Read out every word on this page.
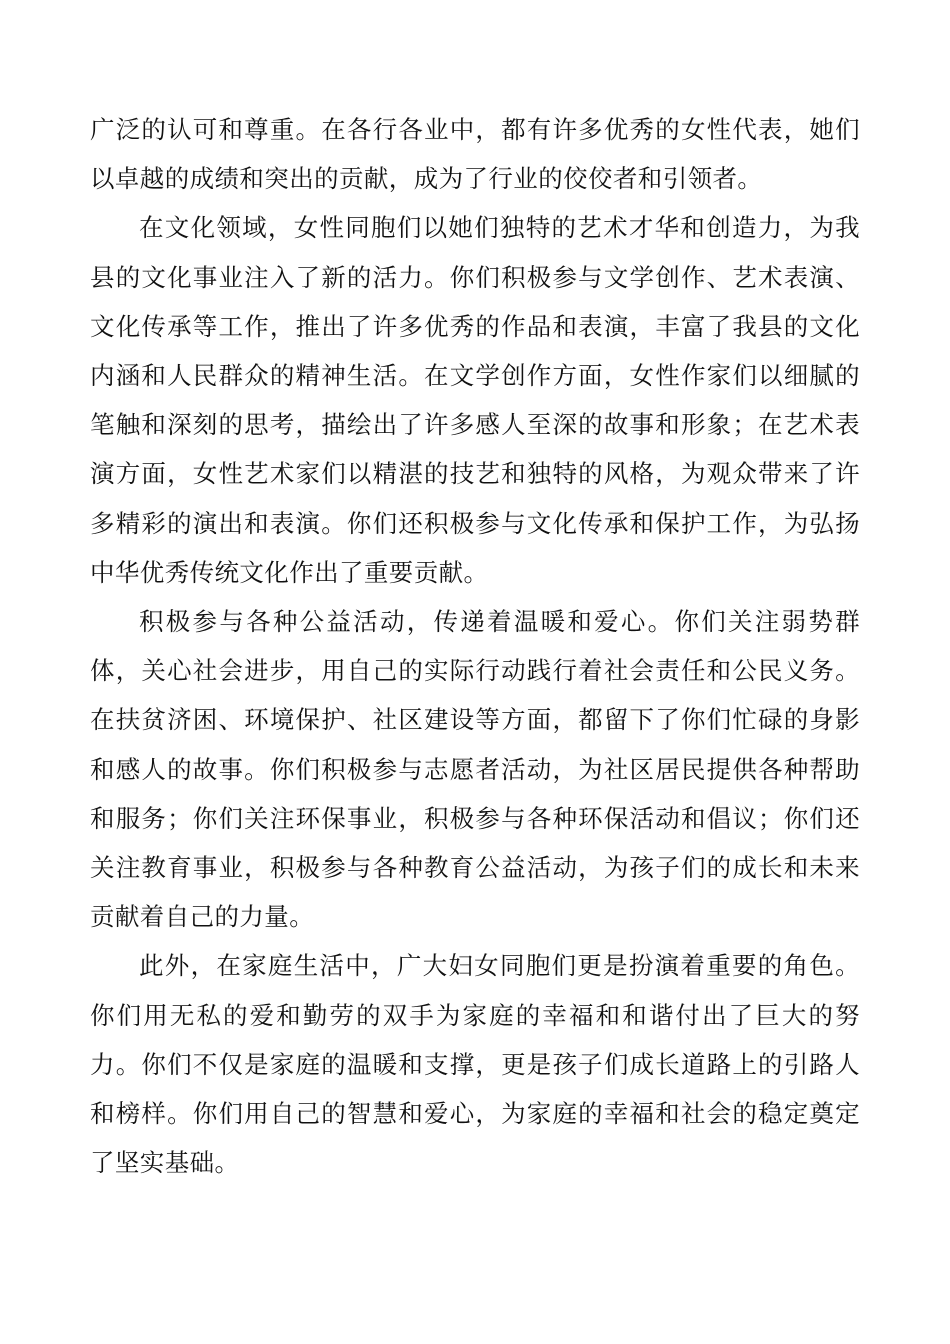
广泛的认可和尊重。在各行各业中，都有许多优秀的女性代表，她们以卓越的成绩和突出的贡献，成为了行业的佼佼者和引领者。

在文化领域，女性同胞们以她们独特的艺术才华和创造力，为我县的文化事业注入了新的活力。你们积极参与文学创作、艺术表演、文化传承等工作，推出了许多优秀的作品和表演，丰富了我县的文化内涵和人民群众的精神生活。在文学创作方面，女性作家们以细腻的笔触和深刻的思考，描绘出了许多感人至深的故事和形象；在艺术表演方面，女性艺术家们以精湛的技艺和独特的风格，为观众带来了许多精彩的演出和表演。你们还积极参与文化传承和保护工作，为弘扬中华优秀传统文化作出了重要贡献。

积极参与各种公益活动，传递着温暖和爱心。你们关注弱势群体，关心社会进步，用自己的实际行动践行着社会责任和公民义务。在扶贫济困、环境保护、社区建设等方面，都留下了你们忙碌的身影和感人的故事。你们积极参与志愿者活动，为社区居民提供各种帮助和服务；你们关注环保事业，积极参与各种环保活动和倡议；你们还关注教育事业，积极参与各种教育公益活动，为孩子们的成长和未来贡献着自己的力量。

此外，在家庭生活中，广大妇女同胞们更是扮演着重要的角色。你们用无私的爱和勤劳的双手为家庭的幸福和和谐付出了巨大的努力。你们不仅是家庭的温暖和支撑，更是孩子们成长道路上的引路人和榜样。你们用自己的智慧和爱心，为家庭的幸福和社会的稳定奠定了坚实基础。
